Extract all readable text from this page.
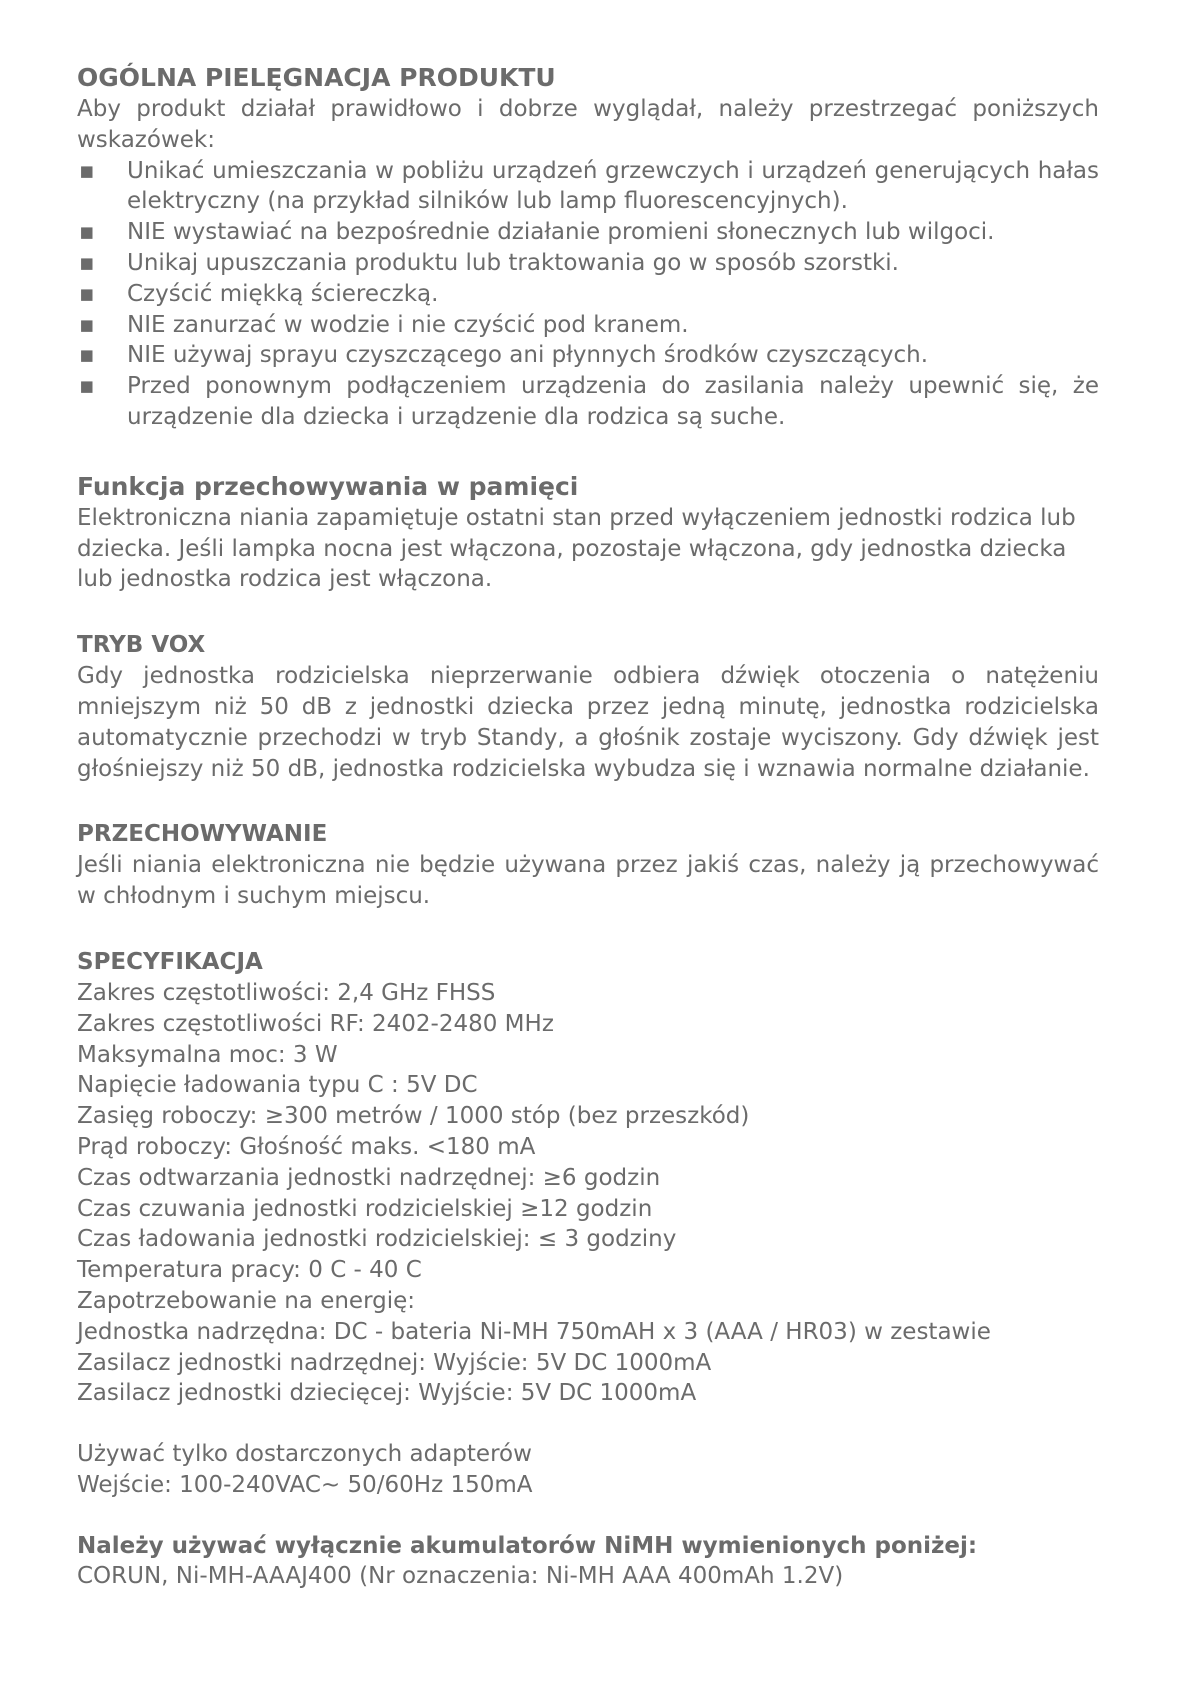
OGÓLNA PIELĘGNACJA PRODUKTU

Aby produkt działał prawidłowo i dobrze wyglądał, należy przestrzegać poniższych wskazówek:

▪	Unikać umieszczania w pobliżu urządzeń grzewczych i urządzeń generujących hałas elektryczny (na przykład silników lub lamp fluorescencyjnych).
▪	NIE wystawiać na bezpośrednie działanie promieni słonecznych lub wilgoci.
▪	Unikaj upuszczania produktu lub traktowania go w sposób szorstki.
▪	Czyścić miękką ściereczką.
▪	NIE zanurzać w wodzie i nie czyścić pod kranem.
▪	NIE używaj sprayu czyszczącego ani płynnych środków czyszczących.
▪	Przed ponownym podłączeniem urządzenia do zasilania należy upewnić się, że urządzenie dla dziecka i urządzenie dla rodzica są suche.
Funkcja przechowywania w pamięci

Elektroniczna niania zapamiętuje ostatni stan przed wyłączeniem jednostki rodzica lub dziecka. Jeśli lampka nocna jest włączona, pozostaje włączona, gdy jednostka dziecka lub jednostka rodzica jest włączona.

TRYB VOX

Gdy jednostka rodzicielska nieprzerwanie odbiera dźwięk otoczenia o natężeniu mniejszym niż 50 dB z jednostki dziecka przez jedną minutę, jednostka rodzicielska automatycznie przechodzi w tryb Standy, a głośnik zostaje wyciszony. Gdy dźwięk jest głośniejszy niż 50 dB, jednostka rodzicielska wybudza się i wznawia normalne działanie.

PRZECHOWYWANIE

Jeśli niania elektroniczna nie będzie używana przez jakiś czas, należy ją przechowywać w chłodnym i suchym miejscu.

SPECYFIKACJA

Zakres częstotliwości: 2,4 GHz FHSS

Zakres częstotliwości RF: 2402-2480 MHz

Maksymalna moc: 3 W

Napięcie ładowania typu C : 5V DC

Zasięg roboczy: ≥300 metrów / 1000 stóp (bez przeszkód)

Prąd roboczy: Głośność maks. <180 mA

Czas odtwarzania jednostki nadrzędnej: ≥6 godzin

Czas czuwania jednostki rodzicielskiej ≥12 godzin

Czas ładowania jednostki rodzicielskiej: ≤ 3 godziny

Temperatura pracy: 0 C - 40 C

Zapotrzebowanie na energię:

Jednostka nadrzędna: DC - bateria Ni-MH 750mAH x 3 (AAA / HR03) w zestawie

Zasilacz jednostki nadrzędnej: Wyjście: 5V DC 1000mA

Zasilacz jednostki dziecięcej: Wyjście: 5V DC 1000mA

Używać tylko dostarczonych adapterów

Wejście: 100-240VAC~ 50/60Hz 150mA

Należy używać wyłącznie akumulatorów NiMH wymienionych poniżej:

CORUN, Ni-MH-AAAJ400 (Nr oznaczenia: Ni-MH AAA 400mAh 1.2V)
